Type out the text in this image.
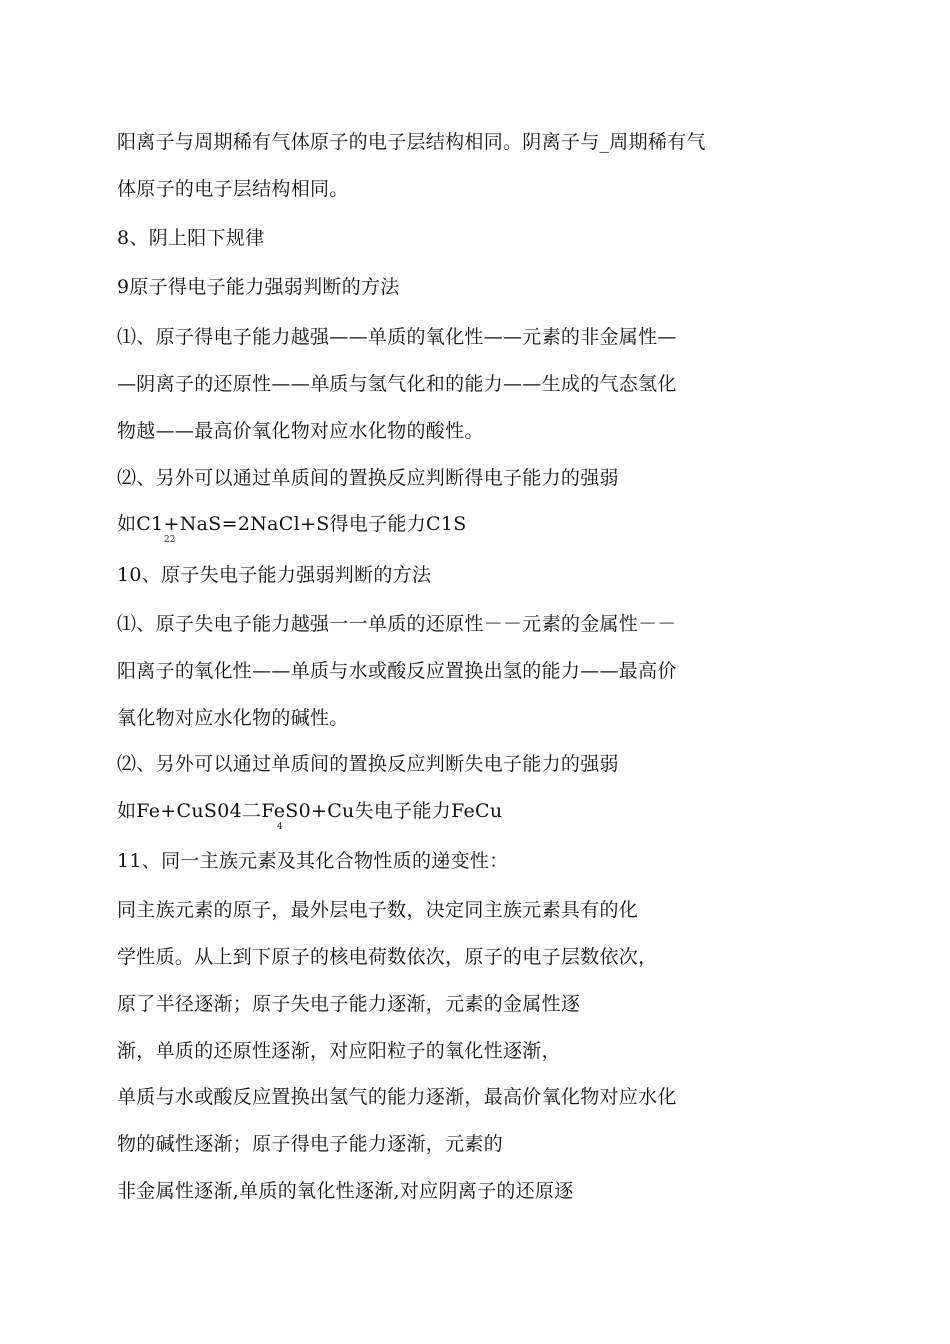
阳离子与周期稀有气体原子的电子层结构相同。阴离子与_周期稀有气
体原子的电子层结构相同。
8、阴上阳下规律
9原子得电子能力强弱判断的方法
⑴、原子得电子能力越强——单质的氧化性——元素的非金属性—
—阴离子的还原性——单质与氢气化和的能力——生成的气态氢化
物越——最高价氧化物对应水化物的酸性。
⑵、另外可以通过单质间的置换反应判断得电子能力的强弱
如C1+NaS=2NaCl+S得电子能力C1S
22
10、原子失电子能力强弱判断的方法
⑴、原子失电子能力越强一一单质的还原性－－元素的金属性－－
阳离子的氧化性——单质与水或酸反应置换出氢的能力——最高价
氧化物对应水化物的碱性。
⑵、另外可以通过单质间的置换反应判断失电子能力的强弱
如Fe+CuS04二FeS0+Cu失电子能力FeCu
4
11、同一主族元素及其化合物性质的递变性：
同主族元素的原子，最外层电子数，决定同主族元素具有的化
学性质。从上到下原子的核电荷数依次，原子的电子层数依次，
原了半径逐渐；原子失电子能力逐渐，元素的金属性逐
渐，单质的还原性逐渐，对应阳粒子的氧化性逐渐，
单质与水或酸反应置换出氢气的能力逐渐，最高价氧化物对应水化
物的碱性逐渐；原子得电子能力逐渐，元素的
非金属性逐渐,单质的氧化性逐渐,对应阴离子的还原逐
